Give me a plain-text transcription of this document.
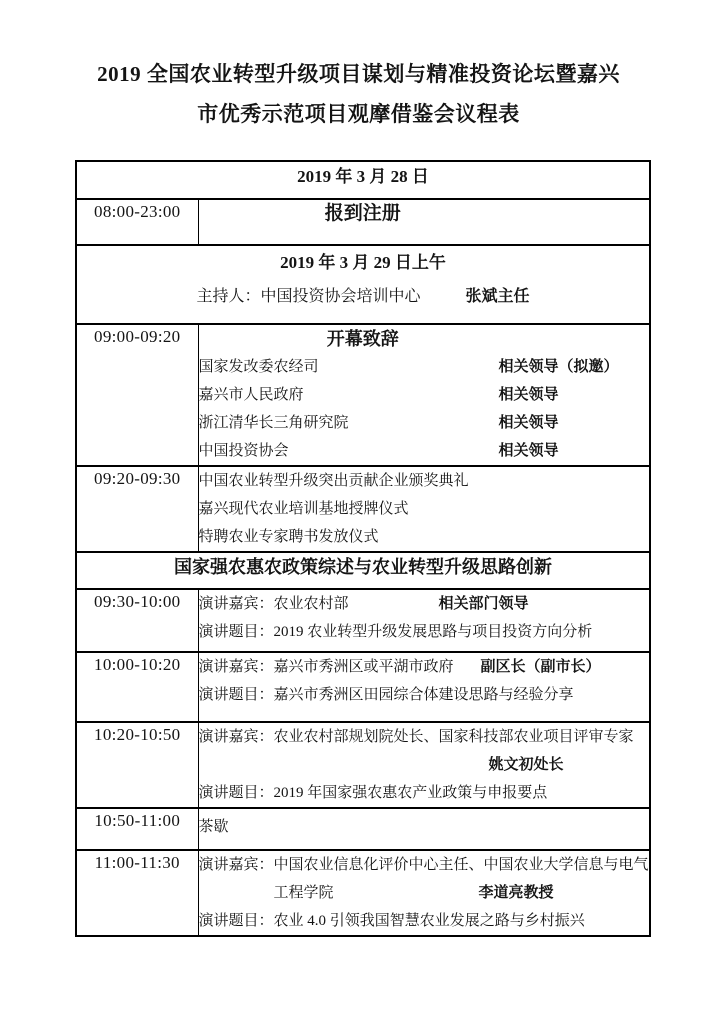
2019 全国农业转型升级项目谋划与精准投资论坛暨嘉兴
市优秀示范项目观摩借鉴会议程表
2019 年 3 月 28 日	
08:00-23:00	报到注册

2019 年 3 月 29 日上午
主持人：中国投资协会培训中心 张斌主任	

09:00-09:20	开幕致辞
国家发改委农经司	相关领导（拟邀）
嘉兴市人民政府	相关领导
浙江清华长三角研究院	相关领导
中国投资协会	相关领导

09:20-09:30	中国农业转型升级突出贡献企业颁奖典礼
嘉兴现代农业培训基地授牌仪式
特聘农业专家聘书发放仪式

国家强农惠农政策综述与农业转型升级思路创新	
09:30-10:00	演讲嘉宾：农业农村部 相关部门领导
演讲题目：2019 农业转型升级发展思路与项目投资方向分析

10:00-10:20	演讲嘉宾：嘉兴市秀洲区或平湖市政府 副区长（副市长）
演讲题目：嘉兴市秀洲区田园综合体建设思路与经验分享

10:20-10:50	演讲嘉宾：农业农村部规划院处长、国家科技部农业项目评审专家
姚文初处长
演讲题目：2019 年国家强农惠农产业政策与申报要点

10:50-11:00	茶歇

11:00-11:30	演讲嘉宾：中国农业信息化评价中心主任、中国农业大学信息与电气
工程学院 李道亮教授
演讲题目：农业 4.0 引领我国智慧农业发展之路与乡村振兴
